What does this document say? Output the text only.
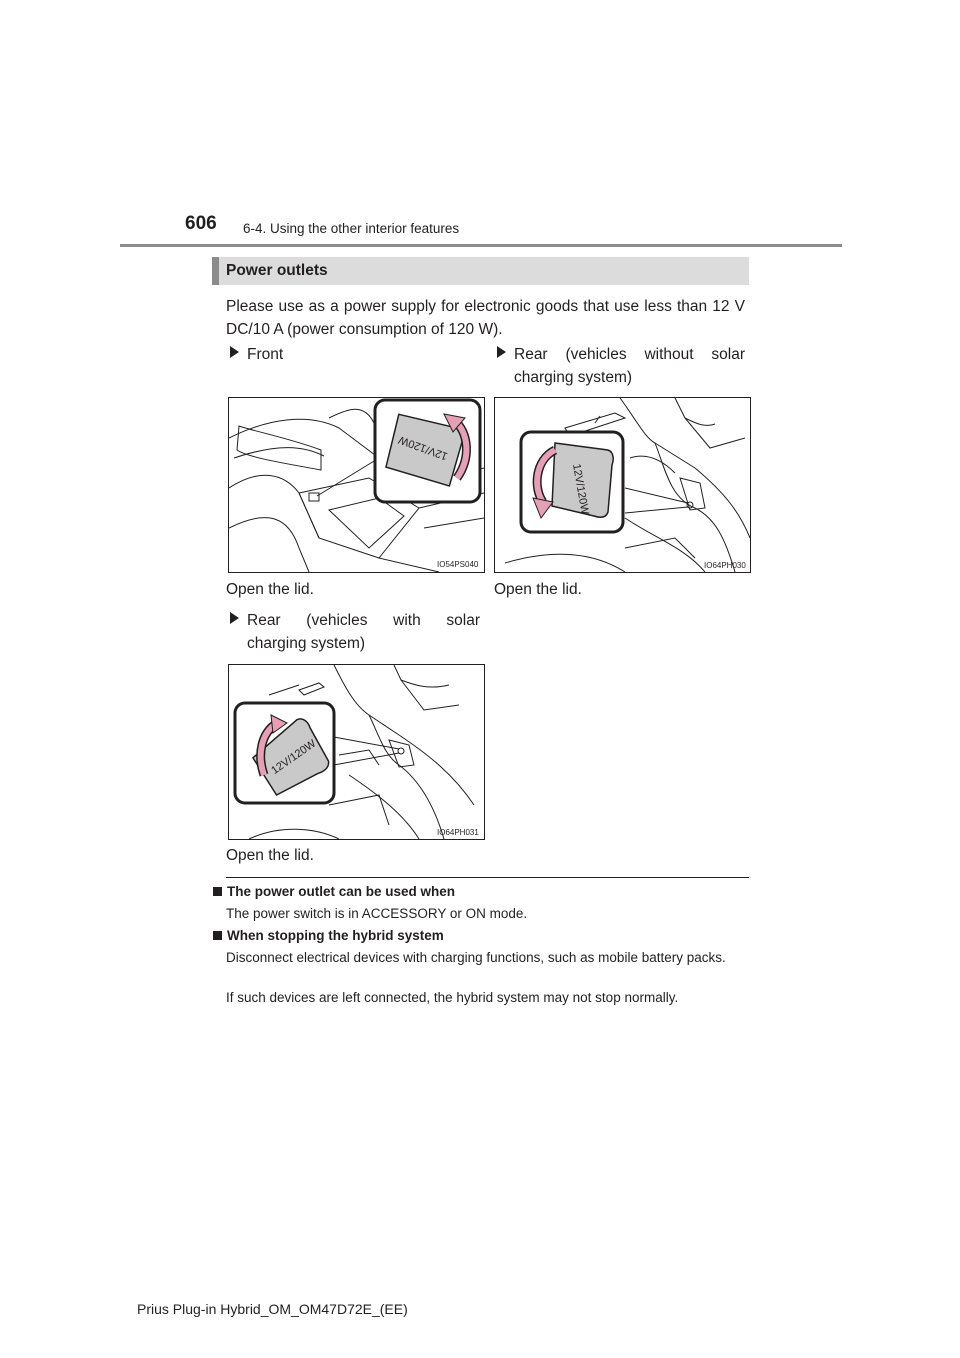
606 6-4. Using the other interior features
Power outlets
Please use as a power supply for electronic goods that use less than 12 V DC/10 A (power consumption of 120 W).
Front
12V/120W
IO54PS040
Open the lid.
Rear (vehicles without solar
charging system)
12V/120W
IO64PH030
Open the lid.
Rear (vehicles with solar
charging system)
12V/120W
IO64PH031
Open the lid.
The power outlet can be used when
The power switch is in ACCESSORY or ON mode.
When stopping the hybrid system
Disconnect electrical devices with charging functions, such as mobile battery packs.
If such devices are left connected, the hybrid system may not stop normally.
Prius Plug-in Hybrid_OM_OM47D72E_(EE)
